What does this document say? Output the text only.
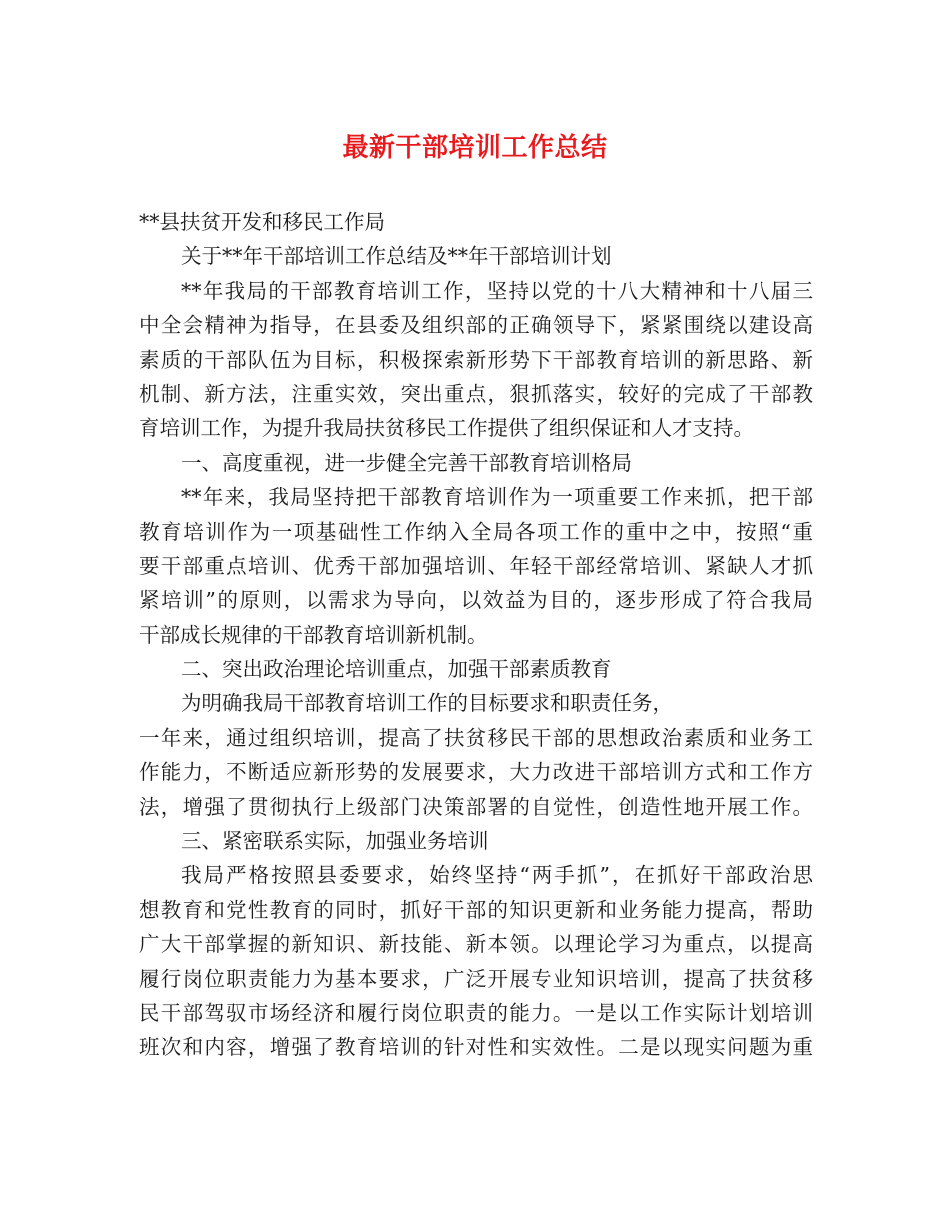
最新干部培训工作总结
**县扶贫开发和移民工作局
关于**年干部培训工作总结及**年干部培训计划
**年我局的干部教育培训工作，坚持以党的十八大精神和十八届三
中全会精神为指导，在县委及组织部的正确领导下，紧紧围绕以建设高
素质的干部队伍为目标，积极探索新形势下干部教育培训的新思路、新
机制、新方法，注重实效，突出重点，狠抓落实，较好的完成了干部教
育培训工作，为提升我局扶贫移民工作提供了组织保证和人才支持。
一、高度重视，进一步健全完善干部教育培训格局
**年来，我局坚持把干部教育培训作为一项重要工作来抓，把干部
教育培训作为一项基础性工作纳入全局各项工作的重中之中，按照“重
要干部重点培训、优秀干部加强培训、年轻干部经常培训、紧缺人才抓
紧培训”的原则，以需求为导向，以效益为目的，逐步形成了符合我局
干部成长规律的干部教育培训新机制。
二、突出政治理论培训重点，加强干部素质教育
为明确我局干部教育培训工作的目标要求和职责任务，
一年来，通过组织培训，提高了扶贫移民干部的思想政治素质和业务工
作能力，不断适应新形势的发展要求，大力改进干部培训方式和工作方
法，增强了贯彻执行上级部门决策部署的自觉性，创造性地开展工作。
三、紧密联系实际，加强业务培训
我局严格按照县委要求，始终坚持“两手抓”，在抓好干部政治思
想教育和党性教育的同时，抓好干部的知识更新和业务能力提高，帮助
广大干部掌握的新知识、新技能、新本领。以理论学习为重点，以提高
履行岗位职责能力为基本要求，广泛开展专业知识培训，提高了扶贫移
民干部驾驭市场经济和履行岗位职责的能力。一是以工作实际计划培训
班次和内容，增强了教育培训的针对性和实效性。二是以现实问题为重
